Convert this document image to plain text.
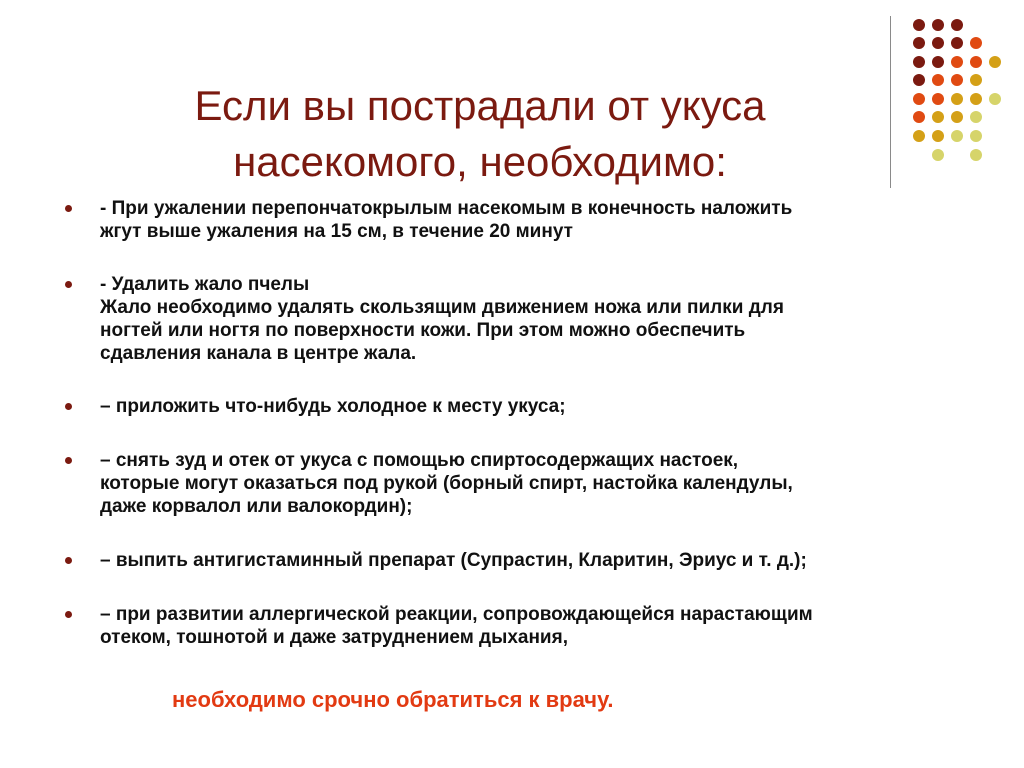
Если вы пострадали от укуса
насекомого, необходимо:
- При ужалении перепончатокрылым насекомым в конечность наложить
жгут выше ужаления на 15 см, в течение 20 минут
- Удалить жало пчелы
Жало необходимо удалять скользящим движением ножа или пилки для
ногтей или ногтя по поверхности кожи. При этом можно обеспечить
сдавления канала в центре жала.
– приложить что-нибудь холодное к месту укуса;
– снять зуд и отек от укуса с помощью спиртосодержащих настоек,
которые могут оказаться под рукой (борный спирт, настойка календулы,
даже корвалол или валокордин);
– выпить антигистаминный препарат (Супрастин, Кларитин, Эриус и т. д.);
– при развитии аллергической реакции, сопровождающейся нарастающим
отеком, тошнотой и даже затруднением дыхания,
необходимо срочно обратиться к врачу.
